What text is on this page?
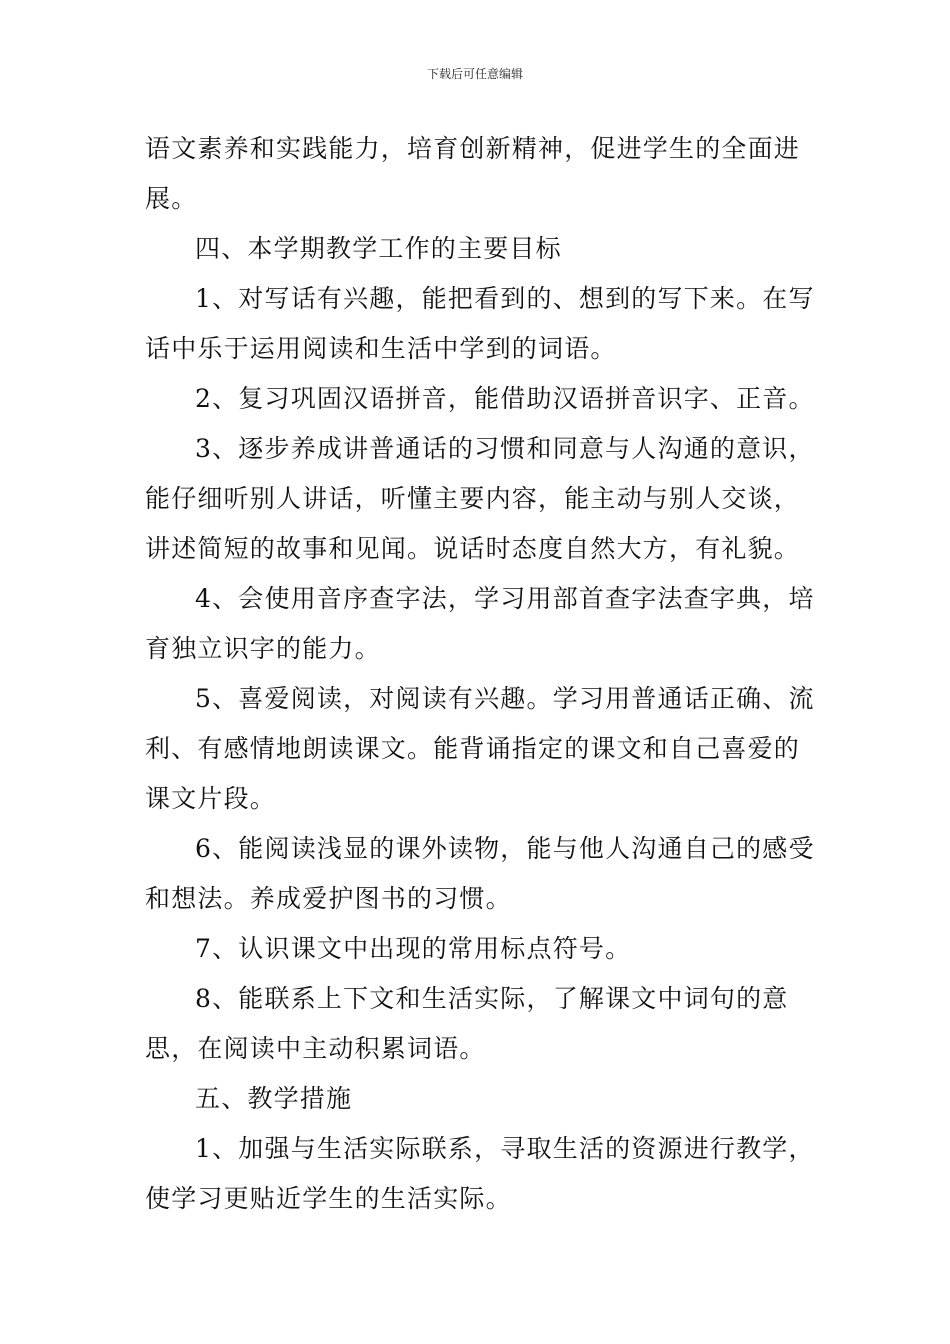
下载后可任意编辑

语文素养和实践能力，培育创新精神，促进学生的全面进展。

四、本学期教学工作的主要目标

1、对写话有兴趣，能把看到的、想到的写下来。在写话中乐于运用阅读和生活中学到的词语。

2、复习巩固汉语拼音，能借助汉语拼音识字、正音。

3、逐步养成讲普通话的习惯和同意与人沟通的意识，能仔细听别人讲话，听懂主要内容，能主动与别人交谈，讲述简短的故事和见闻。说话时态度自然大方，有礼貌。

4、会使用音序查字法，学习用部首查字法查字典，培育独立识字的能力。

5、喜爱阅读，对阅读有兴趣。学习用普通话正确、流利、有感情地朗读课文。能背诵指定的课文和自己喜爱的课文片段。

6、能阅读浅显的课外读物，能与他人沟通自己的感受和想法。养成爱护图书的习惯。

7、认识课文中出现的常用标点符号。

8、能联系上下文和生活实际，了解课文中词句的意思，在阅读中主动积累词语。

五、教学措施

1、加强与生活实际联系，寻取生活的资源进行教学，使学习更贴近学生的生活实际。
